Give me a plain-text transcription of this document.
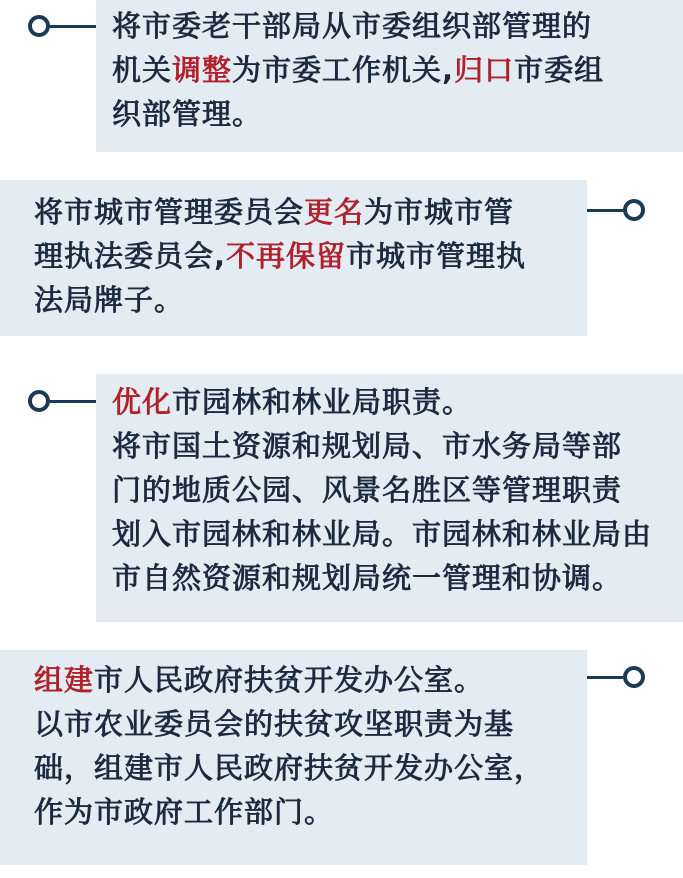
将市委老干部局从市委组织部管理的

机关调整为市委工作机关,归口市委组

织部管理。

将市城市管理委员会更名为市城市管

理执法委员会,不再保留市城市管理执

法局牌子。

优化市园林和林业局职责。

将市国土资源和规划局、市水务局等部

门的地质公园、风景名胜区等管理职责

划入市园林和林业局。市园林和林业局由

市自然资源和规划局统一管理和协调。

组建市人民政府扶贫开发办公室。

以市农业委员会的扶贫攻坚职责为基

础，组建市人民政府扶贫开发办公室，

作为市政府工作部门。
